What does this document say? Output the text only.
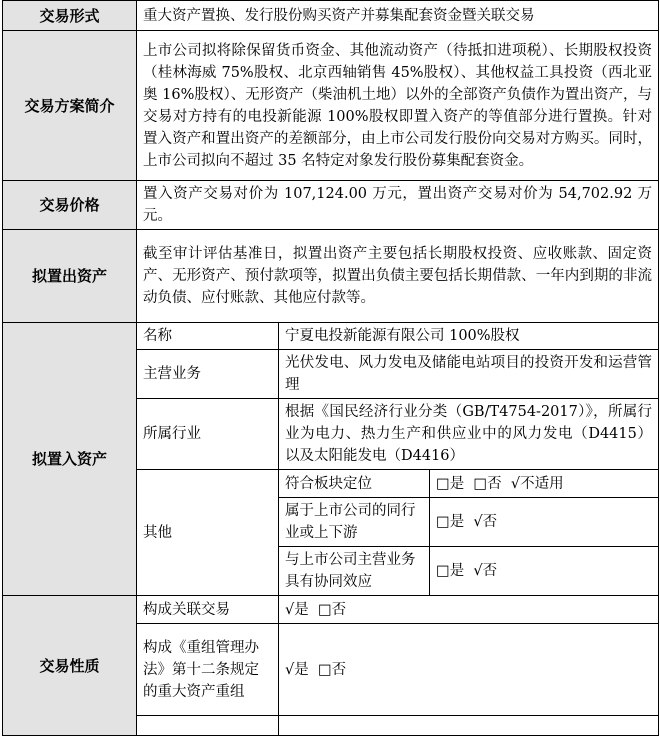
交易形式	重大资产置换、发行股份购买资产并募集配套资金暨关联交易		
交易方案简介	上市公司拟将除保留货币资金、其他流动资产（待抵扣进项税）、长期股权投资（桂林海威 75%股权、北京西轴销售 45%股权）、其他权益工具投资（西北亚奥 16%股权）、无形资产（柴油机土地）以外的全部资产负债作为置出资产，与交易对方持有的电投新能源 100%股权即置入资产的等值部分进行置换。针对置入资产和置出资产的差额部分，由上市公司发行股份向交易对方购买。同时，上市公司拟向不超过 35 名特定对象发行股份募集配套资金。		
交易价格	置入资产交易对价为 107,124.00 万元，置出资产交易对价为 54,702.92 万元。		
拟置出资产	截至审计评估基准日，拟置出资产主要包括长期股权投资、应收账款、固定资产、无形资产、预付款项等，拟置出负债主要包括长期借款、一年内到期的非流动负债、应付账款、其他应付款等。		
拟置入资产	名称	宁夏电投新能源有限公司 100%股权	
	主营业务	光伏发电、风力发电及储能电站项目的投资开发和运营管理	
	所属行业	根据《国民经济行业分类（GB/T4754-2017）》，所属行业为电力、热力生产和供应业中的风力发电（D4415）以及太阳能发电（D4416）	
	其他	符合板块定位	□是  □否  √不适用
		属于上市公司的同行业或上下游	□是  √否
		与上市公司主营业务具有协同效应	□是  √否
交易性质	构成关联交易	√是  □否	
	构成《重组管理办法》第十二条规定的重大资产重组	√是  □否	
